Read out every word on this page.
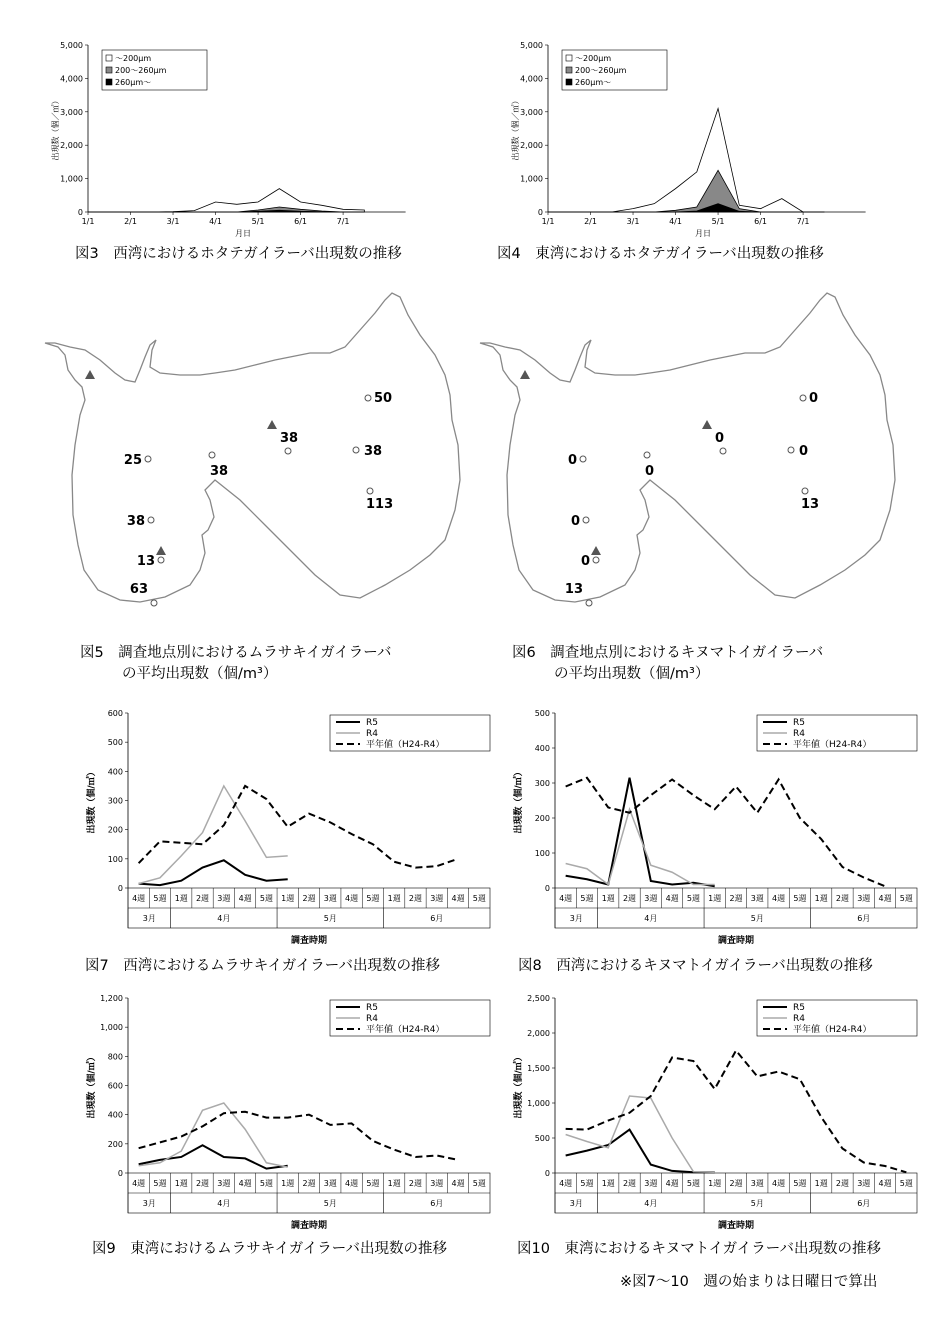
0
1,000
2,000
3,000
4,000
5,000
1/1	2/1	3/1	4/1	5/1	6/1	7/1
月日
出現数（個／㎥）
〜200μm
200〜260μm
260μm〜
0
1,000
2,000
3,000
4,000
5,000
1/1	2/1	3/1	4/1	5/1	6/1	7/1
月日
出現数（個／㎥）
〜200μm
200〜260μm
260μm〜
図3　西湾におけるホタテガイラーバ出現数の推移	図4　東湾におけるホタテガイラーバ出現数の推移
25
38
38
38
50
113
38
13
63
0
0
0
0
0
13
0
0
13
図5　調査地点別におけるムラサキイガイラーバ
の平均出現数（個/m³）
図6　調査地点別におけるキヌマトイガイラーバ
の平均出現数（個/m³）
0
100
200
300
400
500
600
出現数（個/㎥）
4週 5週 1週 2週 3週 4週 5週 1週 2週 3週 4週 5週 1週 2週 3週 4週 5週
3月	4月	5月	6月
調査時期
R5
R4
平年値（H24-R4）
0
100
200
300
400
500
出現数（個/㎥）
4週 5週 1週 2週 3週 4週 5週 1週 2週 3週 4週 5週 1週 2週 3週 4週 5週
3月	4月	5月	6月
調査時期
R5
R4
平年値（H24-R4）
図7　西湾におけるムラサキイガイラーバ出現数の推移	図8　西湾におけるキヌマトイガイラーバ出現数の推移
0
200
400
600
800
1,000
1,200
出現数（個/㎥）
4週 5週 1週 2週 3週 4週 5週 1週 2週 3週 4週 5週 1週 2週 3週 4週 5週
3月	4月	5月	6月
調査時期
R5
R4
平年値（H24-R4）
0
500
1,000
1,500
2,000
2,500
出現数（個/㎥）
4週 5週 1週 2週 3週 4週 5週 1週 2週 3週 4週 5週 1週 2週 3週 4週 5週
3月	4月	5月	6月
調査時期
R5
R4
平年値（H24-R4）
図9　東湾におけるムラサキイガイラーバ出現数の推移	図10　東湾におけるキヌマトイガイラーバ出現数の推移
※図7〜10　週の始まりは日曜日で算出
